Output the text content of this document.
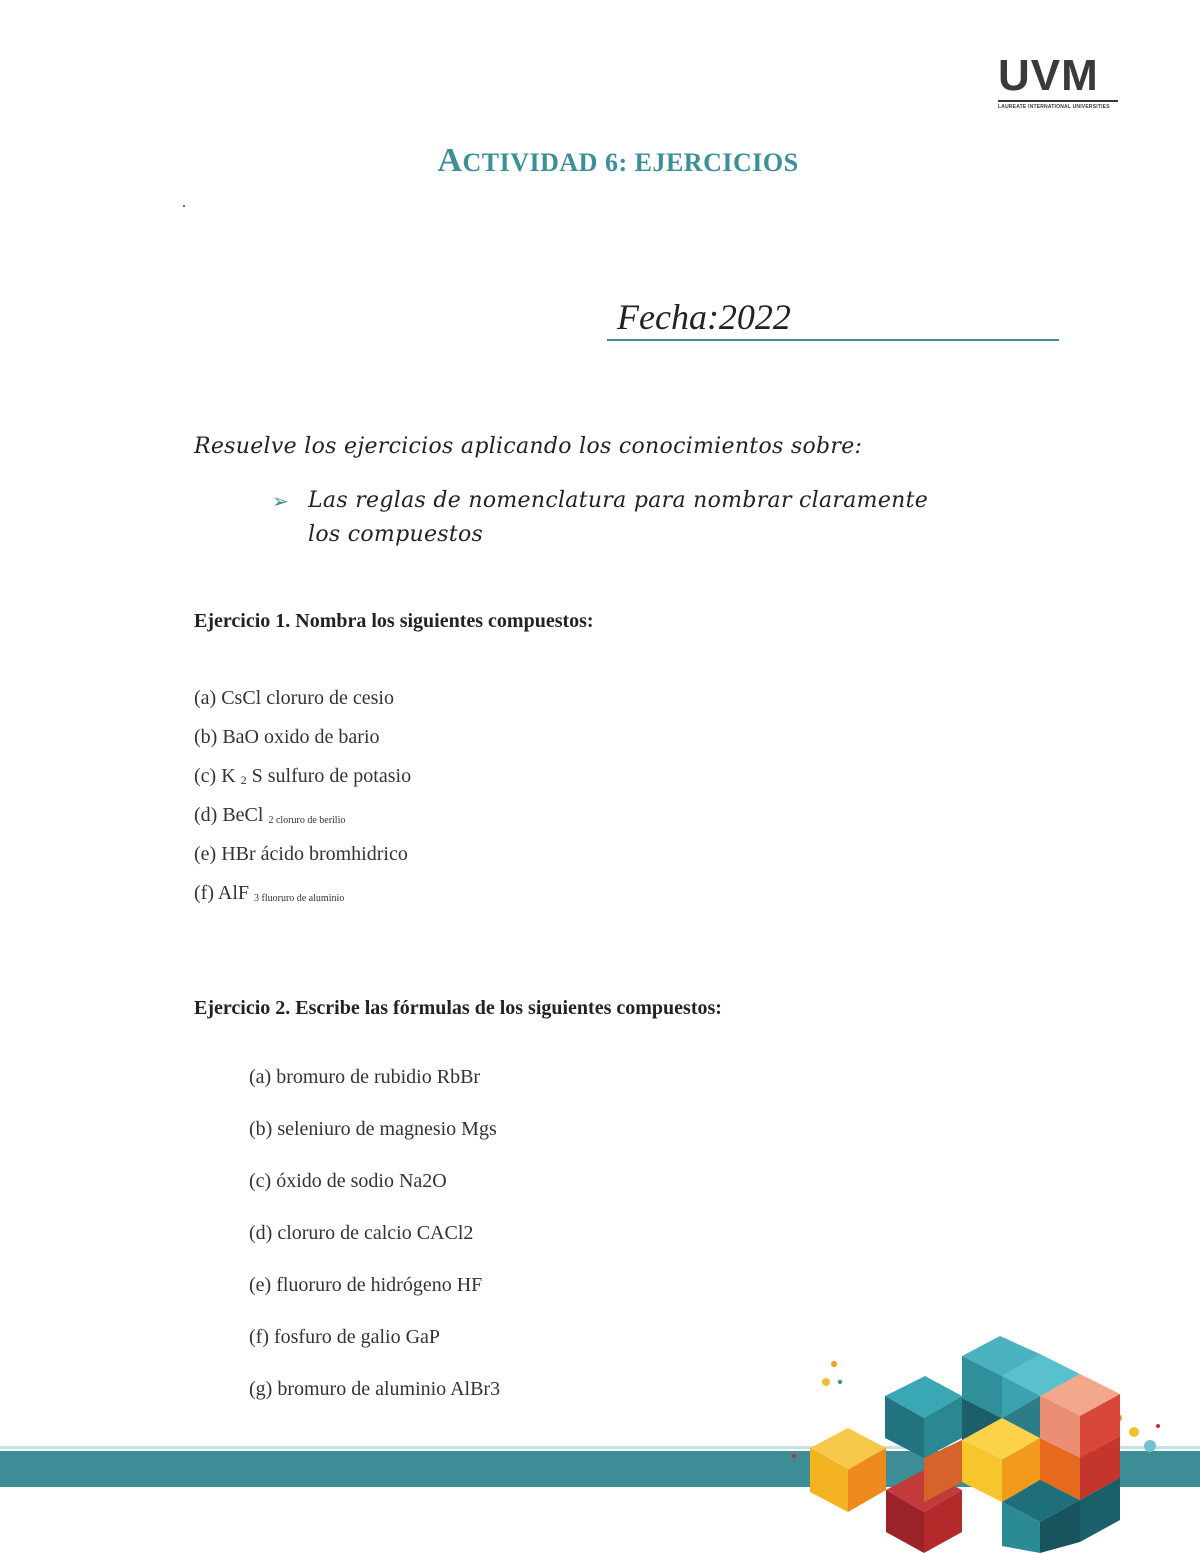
UVM
LAUREATE INTERNATIONAL UNIVERSITIES
ACTIVIDAD 6: EJERCICIOS
Fecha:2022
Resuelve los ejercicios aplicando los conocimientos sobre:
➢ Las reglas de nomenclatura para nombrar claramente los compuestos
Ejercicio 1. Nombra los siguientes compuestos:
(a) CsCl cloruro de cesio
(b) BaO oxido de bario
(c) K 2 S sulfuro de potasio
(d) BeCl 2 cloruro de berilio
(e) HBr ácido bromhidrico
(f) AlF 3 fluoruro de aluminio
Ejercicio 2. Escribe las fórmulas de los siguientes compuestos:
(a) bromuro de rubidio RbBr
(b) seleniuro de magnesio Mgs
(c) óxido de sodio Na2O
(d) cloruro de calcio CACl2
(e) fluoruro de hidrógeno HF
(f) fosfuro de galio GaP
(g) bromuro de aluminio AlBr3
